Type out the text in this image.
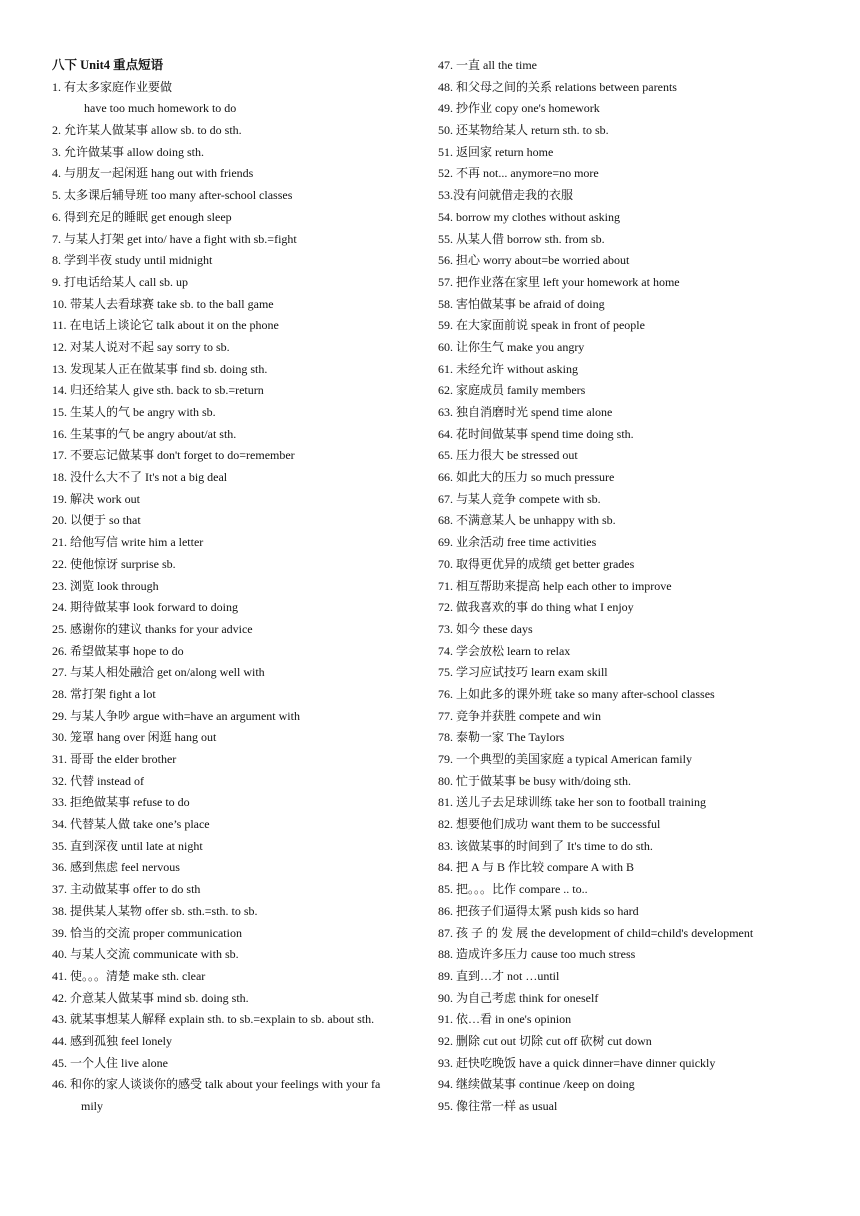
八下 Unit4 重点短语
1. 有太多家庭作业要做
have too much homework to do
2. 允许某人做某事 allow sb. to do sth.
3. 允许做某事 allow doing sth.
4. 与朋友一起闲逛 hang out with friends
5. 太多课后辅导班 too many after-school classes
6. 得到充足的睡眠 get enough sleep
7. 与某人打架 get into/ have a fight with sb.=fight
8. 学到半夜 study until midnight
9. 打电话给某人 call sb. up
10. 带某人去看球赛 take sb. to the ball game
11. 在电话上谈论它 talk about it on the phone
12. 对某人说对不起 say sorry to sb.
13. 发现某人正在做某事 find sb. doing sth.
14. 归还给某人 give sth. back to sb.=return
15. 生某人的气 be angry with sb.
16. 生某事的气 be angry about/at sth.
17. 不要忘记做某事 don't forget to do=remember
18. 没什么大不了 It's not a big deal
19. 解决 work out
20. 以便于 so that
21. 给他写信 write him a letter
22. 使他惊讶 surprise sb.
23. 浏览 look through
24. 期待做某事 look forward to doing
25. 感谢你的建议 thanks for your advice
26. 希望做某事 hope to do
27. 与某人相处融洽 get on/along well with
28. 常打架 fight a lot
29. 与某人争吵 argue with=have an argument with
30. 笼罩 hang over 闲逛 hang out
31. 哥哥 the elder brother
32. 代替 instead of
33. 拒绝做某事 refuse to do
34. 代替某人做 take one’s place
35. 直到深夜 until late at night
36. 感到焦虑 feel nervous
37. 主动做某事 offer to do sth
38. 提供某人某物 offer sb. sth.=sth. to sb.
39. 恰当的交流 proper communication
40. 与某人交流 communicate with sb.
41. 使。。。清楚 make sth. clear
42. 介意某人做某事 mind sb. doing sth.
43. 就某事想某人解释 explain sth. to sb.=explain to sb. about sth.
44. 感到孤独 feel lonely
45. 一个人住 live alone
46. 和你的家人谈谈你的感受 talk about your feelings with your fa
mily
47. 一直 all the time
48. 和父母之间的关系 relations between parents
49. 抄作业 copy one's homework
50. 还某物给某人 return sth. to sb.
51. 返回家 return home
52. 不再 not... anymore=no more
53.没有问就借走我的衣服
54. borrow my clothes without asking
55. 从某人借 borrow sth. from sb.
56. 担心 worry about=be worried about
57. 把作业落在家里 left your homework at home
58. 害怕做某事 be afraid of doing
59. 在大家面前说 speak in front of people
60. 让你生气 make you angry
61. 未经允许 without asking
62. 家庭成员 family members
63. 独自消磨时光 spend time alone
64. 花时间做某事 spend time doing sth.
65. 压力很大 be stressed out
66. 如此大的压力 so much pressure
67. 与某人竞争 compete with sb.
68. 不满意某人 be unhappy with sb.
69. 业余活动 free time activities
70. 取得更优异的成绩 get better grades
71. 相互帮助来提高 help each other to improve
72. 做我喜欢的事 do thing what I enjoy
73. 如今 these days
74. 学会放松 learn to relax
75. 学习应试技巧 learn exam skill
76. 上如此多的课外班 take so many after-school classes
77. 竞争并获胜 compete and win
78. 泰勒一家 The Taylors
79. 一个典型的美国家庭 a typical American family
80. 忙于做某事 be busy with/doing sth.
81. 送儿子去足球训练 take her son to football training
82. 想要他们成功 want them to be successful
83. 该做某事的时间到了 It's time to do sth.
84. 把 A 与 B 作比较 compare A with B
85. 把。。。比作 compare .. to..
86. 把孩子们逼得太紧 push kids so hard
87. 孩 子 的 发 展 the development of child=child's development
88. 造成许多压力 cause too much stress
89. 直到…才 not …until
90. 为自己考虑 think for oneself
91. 依…看 in one's opinion
92. 删除 cut out 切除 cut off 砍树 cut down
93. 赶快吃晚饭 have a quick dinner=have dinner quickly
94. 继续做某事 continue /keep on doing
95. 像往常一样 as usual
